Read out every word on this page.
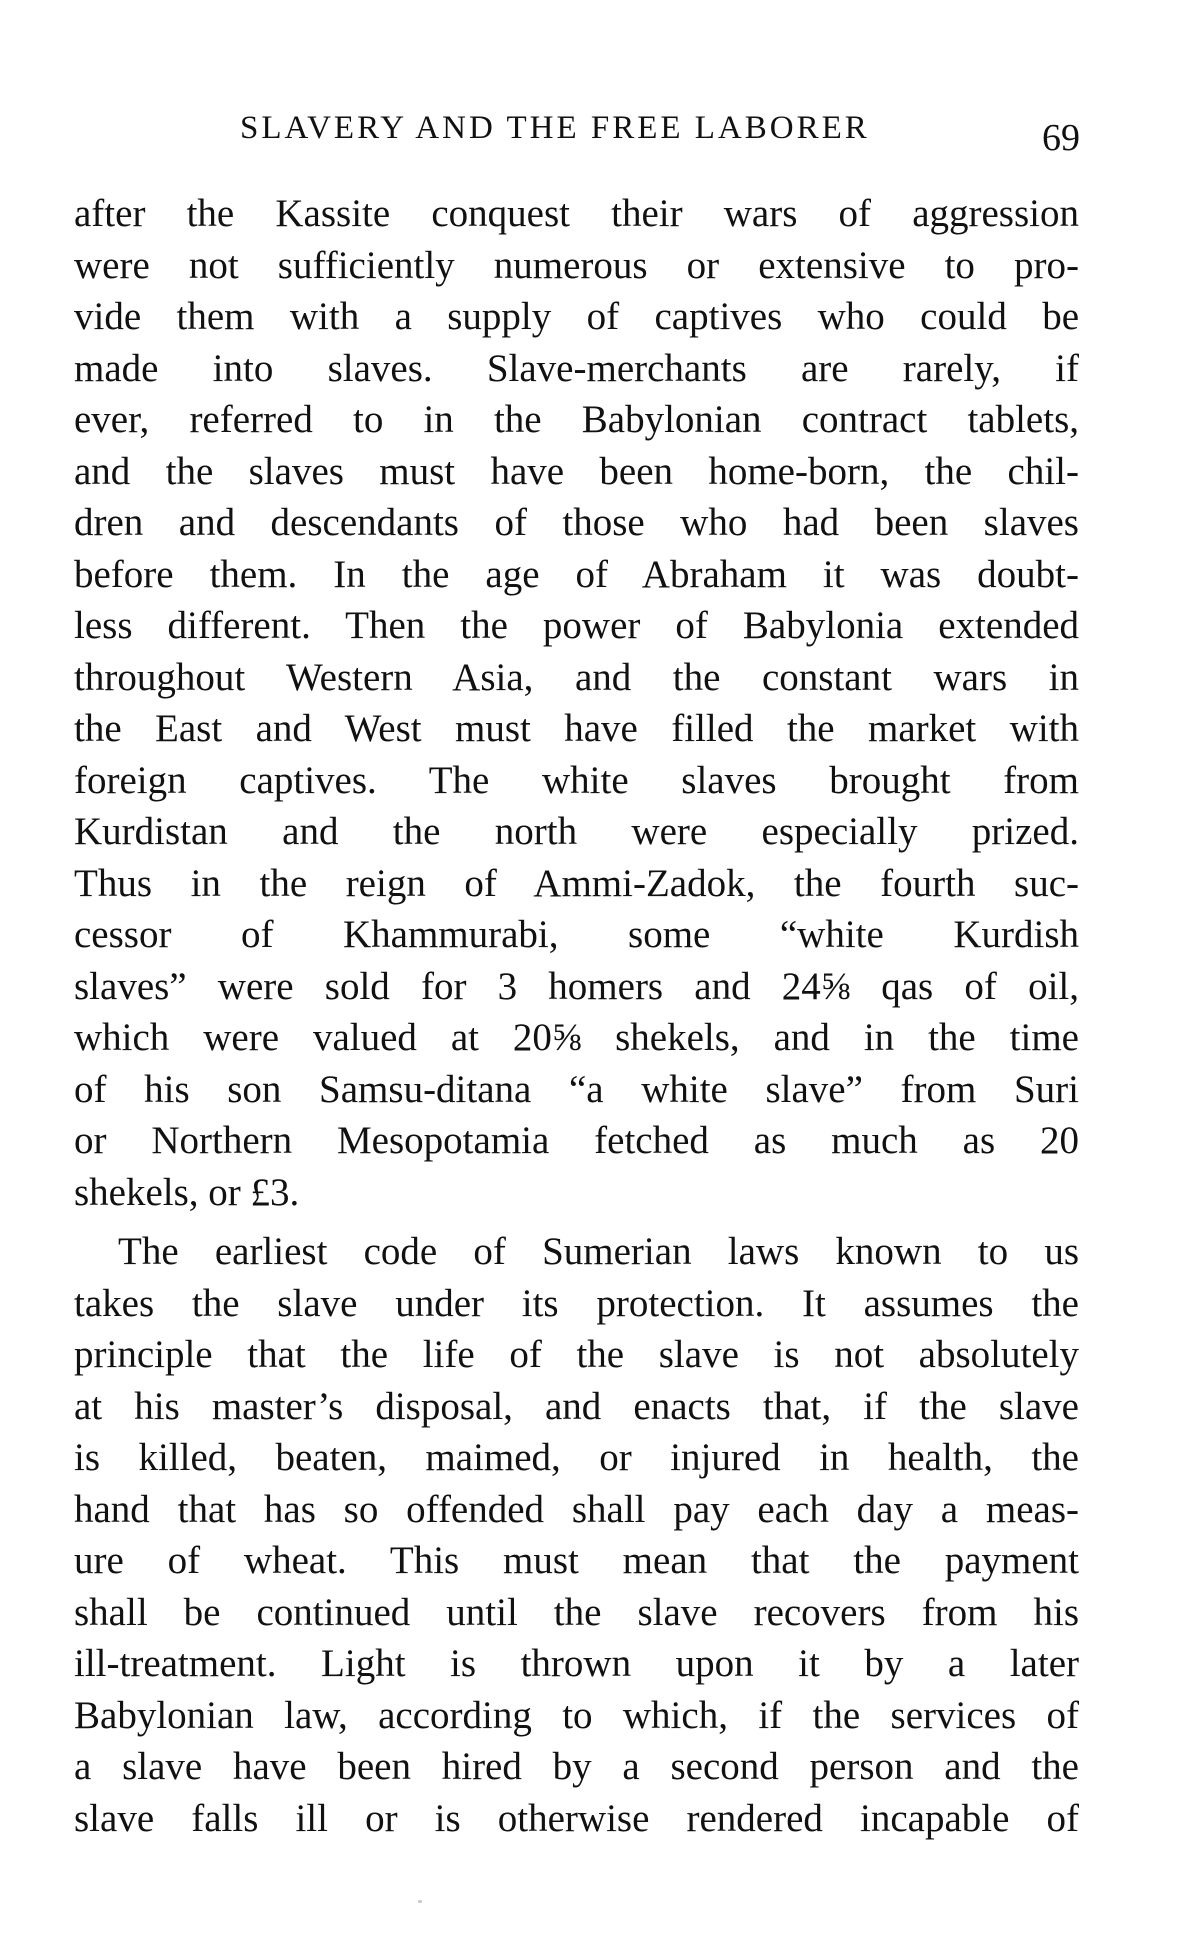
SLAVERY AND THE FREE LABORER	69
after the Kassite conquest their wars of aggression
were not sufficiently numerous or extensive to pro-
vide them with a supply of captives who could be
made into slaves. Slave-merchants are rarely, if
ever, referred to in the Babylonian contract tablets,
and the slaves must have been home-born, the chil-
dren and descendants of those who had been slaves
before them. In the age of Abraham it was doubt-
less different. Then the power of Babylonia extended
throughout Western Asia, and the constant wars in
the East and West must have filled the market with
foreign captives. The white slaves brought from
Kurdistan and the north were especially prized.
Thus in the reign of Ammi-Zadok, the fourth suc-
cessor of Khammurabi, some “white Kurdish
slaves” were sold for 3 homers and 24⅝ qas of oil,
which were valued at 20⅝ shekels, and in the time
of his son Samsu-ditana “a white slave” from Suri
or Northern Mesopotamia fetched as much as 20
shekels, or £3.
The earliest code of Sumerian laws known to us
takes the slave under its protection. It assumes the
principle that the life of the slave is not absolutely
at his master’s disposal, and enacts that, if the slave
is killed, beaten, maimed, or injured in health, the
hand that has so offended shall pay each day a meas-
ure of wheat. This must mean that the payment
shall be continued until the slave recovers from his
ill-treatment. Light is thrown upon it by a later
Babylonian law, according to which, if the services of
a slave have been hired by a second person and the
slave falls ill or is otherwise rendered incapable of
